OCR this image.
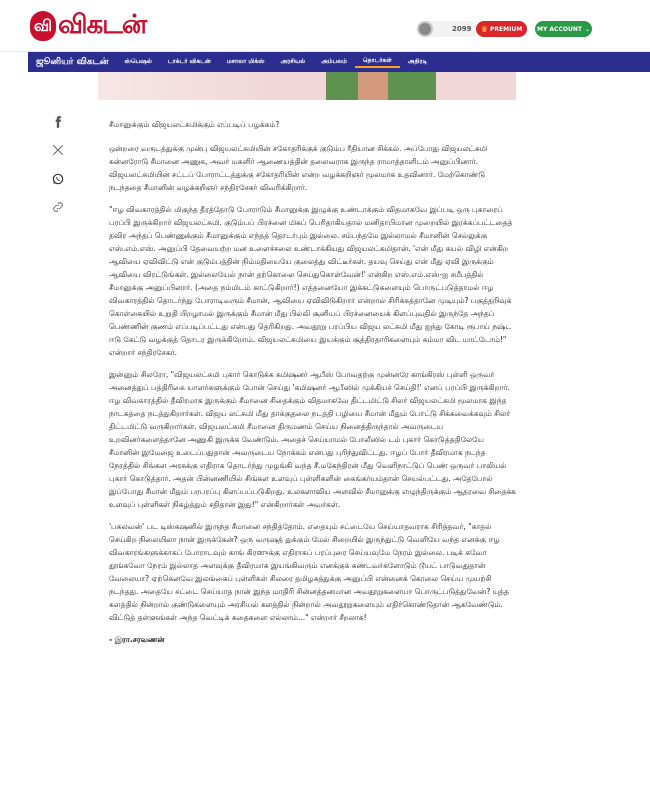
வி விகடன்	2099 ♛ PREMIUM MY ACCOUNT ⌄
ஜூனியர் விகடன்	ஸ்பெஷல்	டாக்டர் விகடன்	மசாலா மிக்ஸ்	அரசியல்	அம்பலம்	தொடர்கள்	அதிரடி

சீமானுக்கும் விஜயலட்சுமிக்கும் எப்படிப் பழக்கம்?

ஒன்றரை வருடத்துக்கு முன்பு விஜயலட்சுமியின் சகோதரிக்குக் குடும்ப ரீதியான சிக்கல். அப்போது விஜயலட்சுமி கன்னரோடு சீமானை அணுக, அவர் மகளிர் ஆணையத்தின் தலைவராக இருந்த ராமாத்தாளிடம் அனுப்பினார். விஜயலட்சுமியின் சட்டப் போராட்டத்துக்கு சகோதரியின் என்ற வழக்கறிஞர் மூலமாக உதவினார். மேற்கொண்டு நடந்ததை சீமானின் வழக்கறிஞர் சந்திரசேகர் விவரிக்கிறார்.

"ஈழ விவகாரத்தில் மிகுந்த தீரத்தோடு போராடும் சீமானுக்கு இழுக்கு உண்டாக்கும் விதமாகவே இப்படி ஒரு புகாரைப் பரப்பி இருக்கிறார் விஜயலட்சுமி. குடும்பப் பிரச்னை மிகப் பெரிதாகியதால் மனிதாபிமான முறையில் இரக்கப்பட்டதைத் தவிர அந்தப் பெண்ணுக்கும் சீமானுக்கும் எந்தத் தொடர்பும் இல்லை. சம்பந்தமே இல்லாமல் சீமானின் செல்லுக்கு எஸ்.எம்.எஸ். அனுப்பி தேவையற்ற மன உளைச்சலை உண்டாக்கியது விஜயலட்சுமிதான். 'என் மீது கயல் விழி என்கிற ஆவியை ஏவிவிட்டு என் குடும்பத்தின் நிம்மதியையே குலைத்து விட்டீர்கள். தயவு செய்து என் மீது ஏவி இருக்கும் ஆவியை விரட்டுங்கள். இல்லையேல் நான் தற்கொலை செய்துகொள்வேன்!' என்கிற எஸ்.எம்.எஸ்-ஐ சமீபத்தில் சீமானுக்கு அனுப்பினார். (அதை நம்மிடம் காட்டுகிறார்!) எத்தனையோ இக்கட்டுகளையும் பொருட்படுத்தாமல் ஈழ விவகாரத்தில் தொடர்ந்து போராடிவரும் சீமான், ஆவியை ஏவிவிடுகிறார் என்றால் சிரிக்கத்தானே முடியும்? பகுத்தறிவுக் கொள்கையில் உறுதி பிறழாமல் இருக்கும் சீமான் மீது பில்லி சூனியப் பிரச்னையைக் கிளப்புவதில் இருந்தே அந்தப் பெண்ணின் குணம் எப்படிப்பட்டது என்பது தெரிகிறது. அவதூறு பரப்பிய விஜய லட்சுமி மீது ஐந்து கோடி ரூபாய் நஷ்ட ஈடு கேட்டு வழக்குத் தொடர இருக்கிறோம். விஜயலட்சுமியை இயக்கும் சூத்திரதாரிகளையும் சும்மா விட மாட்டோம்!" என்றார் சந்திரசேகர்.

இன்னும் சிலரோ, "விஜயலட்சுமி புகார் கொடுக்க கமிஷனர் ஆபீஸ் போவதற்கு முன்னரே காங்கிரஸ் புள்ளி ஒருவர் அனைத்துப் பத்திரிகை யாளர்களுக்கும் போன் செய்து 'கமிஷனர் ஆபீஸில் முக்கியச் செய்தி!' எனப் பரப்பி இருக்கிறார். ஈழ விவகாரத்தில் தீவிரமாக இருக்கும் சீமானை சிதைக்கும் விதமாகவே திட்டமிட்டு சிலர் விஜயலட்சுமி மூலமாக இந்த நாடகத்தை நடத்துகிறார்கள். விஜய லட்சுமி மீது தாக்குதலை நடத்தி பழியை சீமான் மீதும் போட்டு சிக்கவைக்கவும் சிலர் திட்டமிட்டு வருகிறார்கள். விஜயலட்சுமி சீமானை திருமணம் செய்ய நினைத்திருந்தால் அவருடைய உறவினர்களைத்தானே அணுகி இருக்க வேண்டும். அதைச் செய்யாமல் போலீஸில் டம் புகார் கொடுத்ததிலேயே சீமானின் இமேஜை உடைப்பதுதான் அவருடைய நோக்கம் என்பது புரிந்துவிட்டது. ஈழப் போர் தீவிரமாக நடந்த நேரத்தில் சிங்கள அரசுக்கு எதிராக தொடர்ந்து முழங்கி வந்த சீ.மகேந்திரன் மீது வெளிநாட்டுப் பெண் ஒருவர் பாலியல் புகார் கொடுத்தார். அதன் பின்னணியில் சிங்கள உளவுப் புள்ளிகளின் கைங்கர்யம்தான் செயல்பட்டது. அதேபோல் இப்போது சீமான் மீதும் பரபரப்பு கிளப்பப்படுகிறது. உலகளாவிய அளவில் சீமானுக்கு எழுந்திருக்கும் ஆதரவை சிதைக்க உளவுப் புள்ளிகள் நிகழ்த்தும் சதிதான் இது!" என்கிறார்கள் அவர்கள்.

'பகலவன்' பட டிஸ்கஷனில் இருந்த சீமானை சந்தித்தோம். எதையும் சட்டையே செய்யாதவராக சிரித்தவர், "காதல் செய்கிற நிலையிலா நான் இருக்கேன்? ஒரு வருஷத் துக்கும் மேல் சிறையில் இருந்துட்டு வெளியே வந்த எனக்கு ஈழ விவகாரங்களுக்காகப் போராடவும் காங் கிரஸுக்கு எதிராகப் பரப்புரை செய்யவுமே நேரம் இல்லை. படிக் கவோ தூங்கவோ நேரம் இல்லாத அளவுக்கு தீவிரமாக இயங்கிவரும் எனக்குக் கண்டவர்களோடும் டூயட் பாடுவதுதான் வேலையா? ஏற்கெனவே இலங்கைப் புள்ளிகள் சிலரை தமிழகத்துக்கு அனுப்பி என்னைக் கொலை செய்ய முயற்சி நடந்தது. அதையே சட்டை செய்யாத நான் இந்த மாதிரி சின்னத்தனமான அவதூறுகளையா பொருட்படுத்துவேன்? யுத்த களத்தில் நின்றால் குண்டுகளையும் அரசியல் களத்தில் நின்றால் அவதூறுகளையும் எதிர்கொண்டுதான் ஆகவேண்டும். விட்டுத் தள்ளுங்கள் அந்த வெட்டிக் கதைகளை எல்லாம்..." என்றார் சீறலாக!

- இரா.சரவணன்
